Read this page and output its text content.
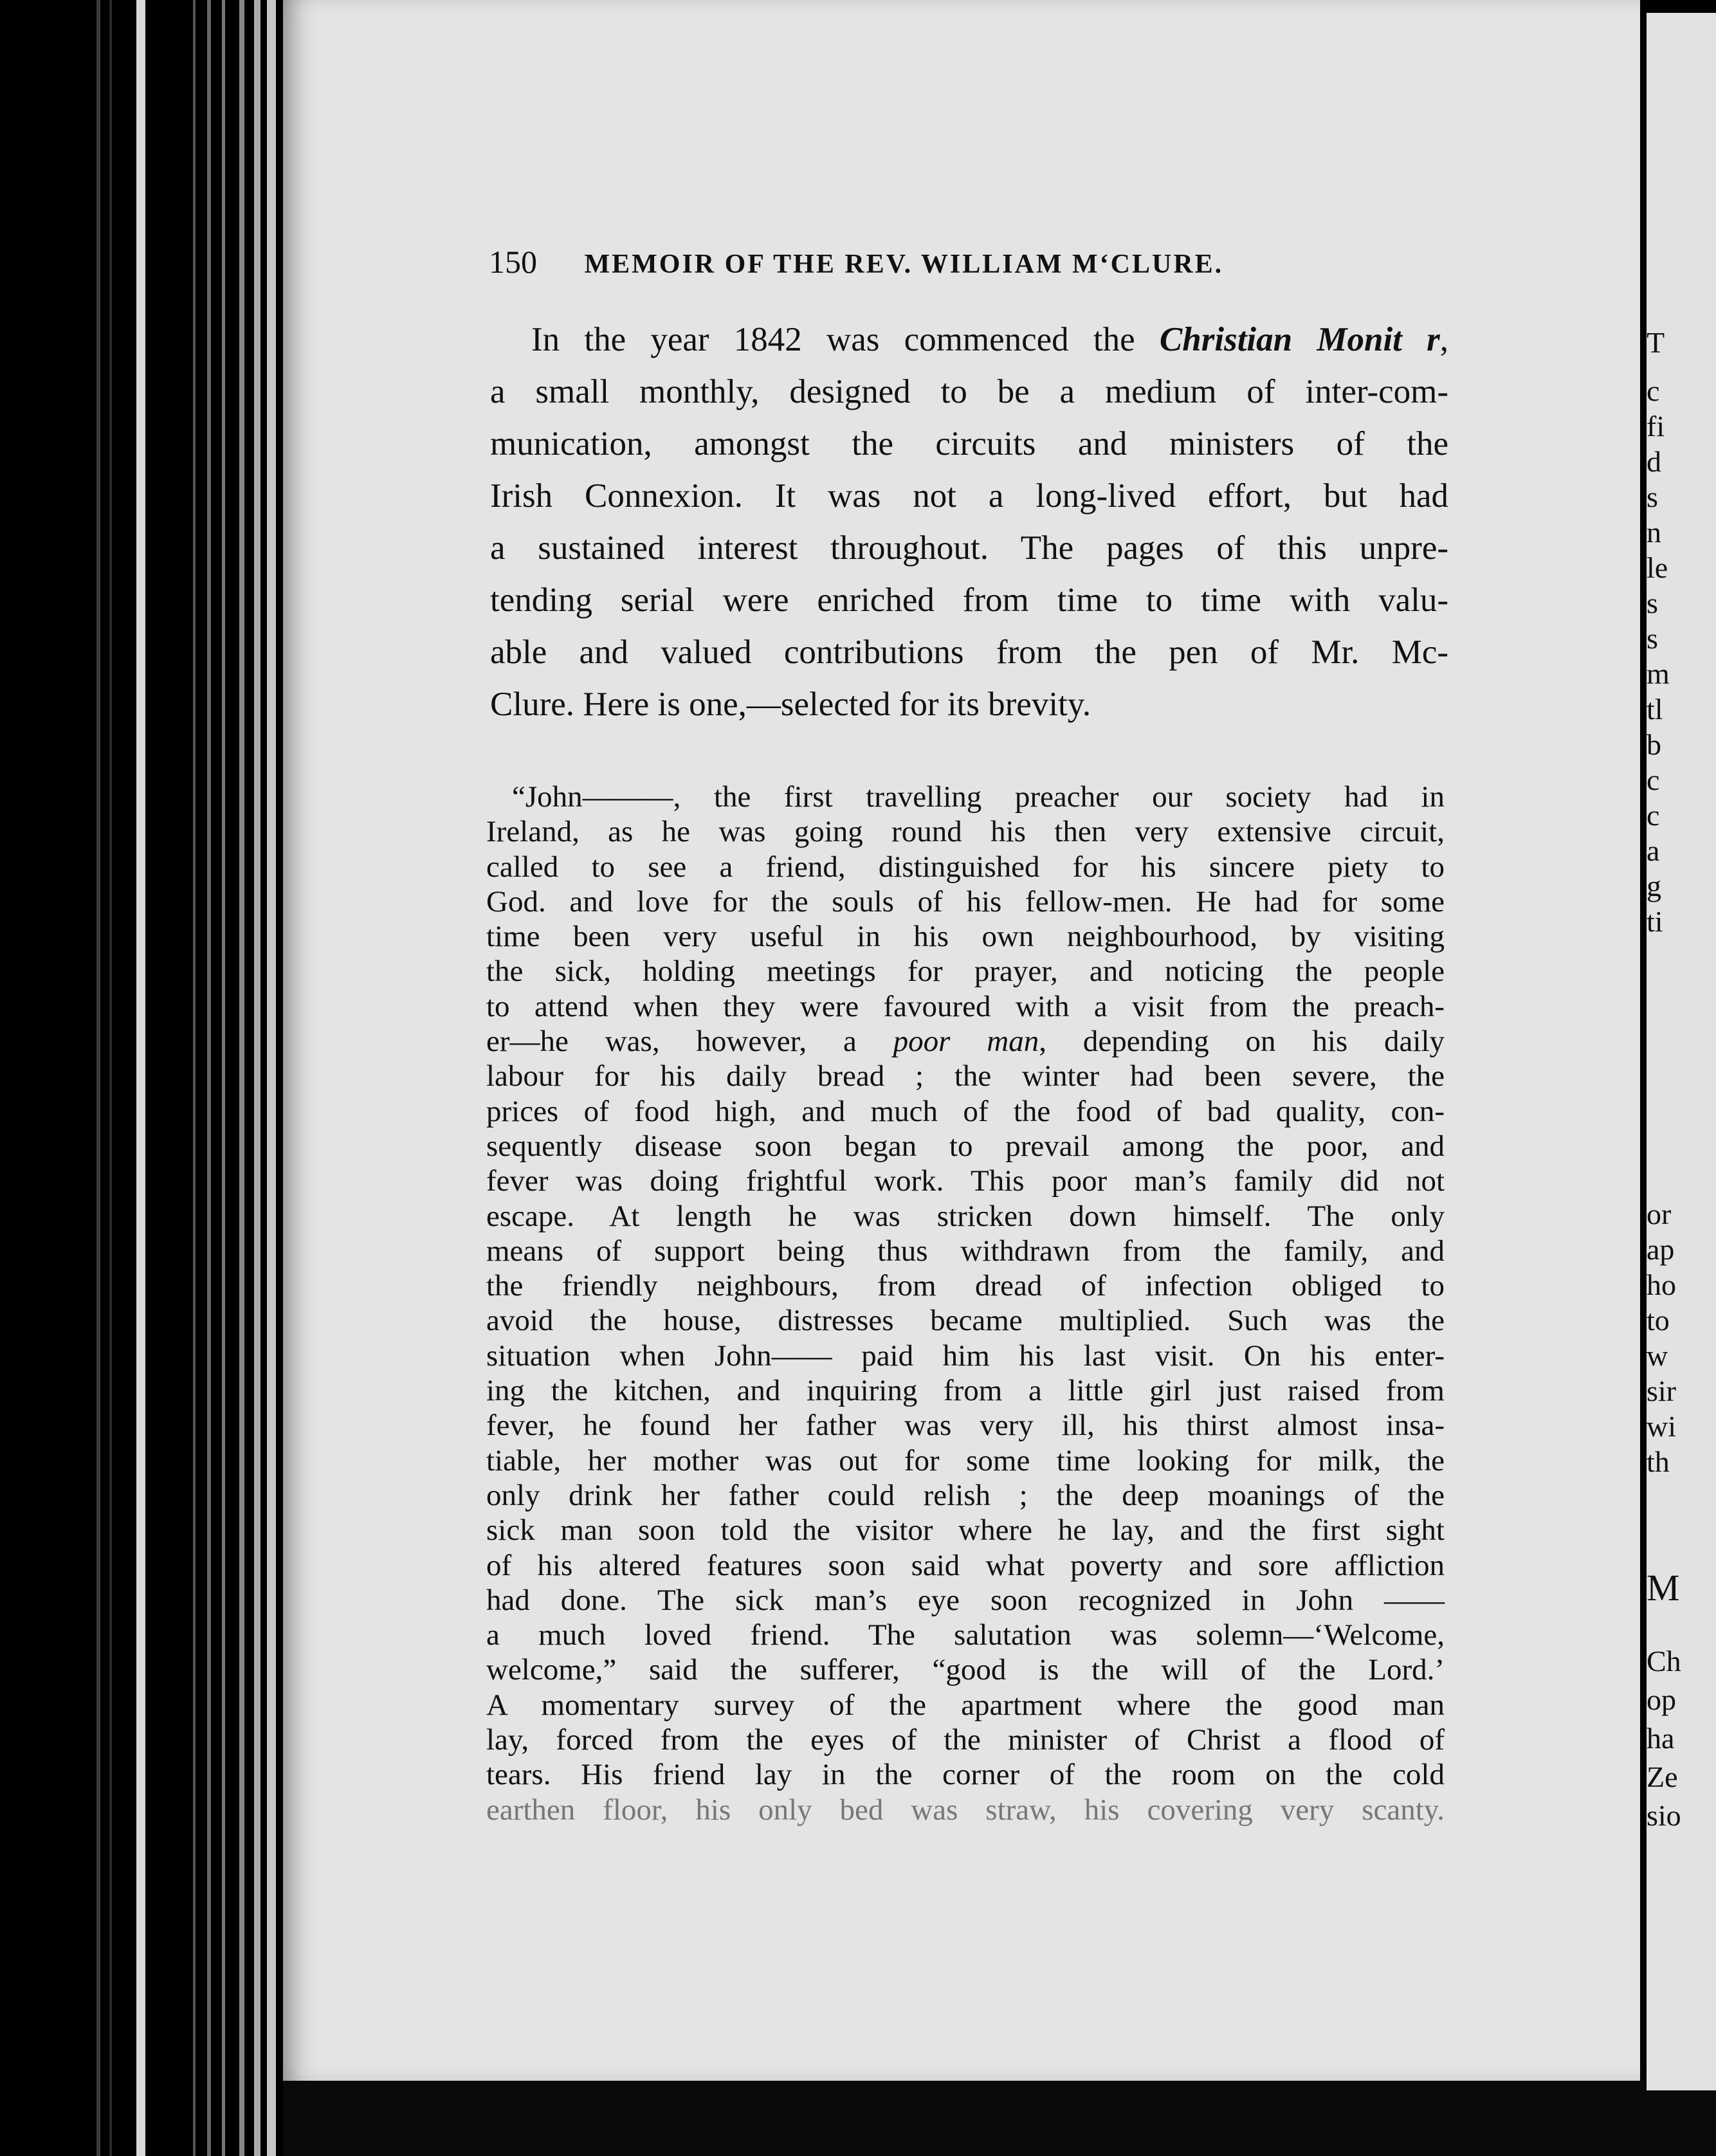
150 MEMOIR OF THE REV. WILLIAM M‘CLURE.
In the year 1842 was commenced the Christian Monit r,
a small monthly, designed to be a medium of inter-com-
munication, amongst the circuits and ministers of the
Irish Connexion. It was not a long-lived effort, but had
a sustained interest throughout. The pages of this unpre-
tending serial were enriched from time to time with valu-
able and valued contributions from the pen of Mr. Mc-
Clure. Here is one,—selected for its brevity.
“John———, the first travelling preacher our society had in
Ireland, as he was going round his then very extensive circuit,
called to see a friend, distinguished for his sincere piety to
God. and love for the souls of his fellow-men. He had for some
time been very useful in his own neighbourhood, by visiting
the sick, holding meetings for prayer, and noticing the people
to attend when they were favoured with a visit from the preach-
er—he was, however, a poor man, depending on his daily
labour for his daily bread ; the winter had been severe, the
prices of food high, and much of the food of bad quality, con-
sequently disease soon began to prevail among the poor, and
fever was doing frightful work. This poor man’s family did not
escape. At length he was stricken down himself. The only
means of support being thus withdrawn from the family, and
the friendly neighbours, from dread of infection obliged to
avoid the house, distresses became multiplied. Such was the
situation when John—— paid him his last visit. On his enter-
ing the kitchen, and inquiring from a little girl just raised from
fever, he found her father was very ill, his thirst almost insa-
tiable, her mother was out for some time looking for milk, the
only drink her father could relish ; the deep moanings of the
sick man soon told the visitor where he lay, and the first sight
of his altered features soon said what poverty and sore affliction
had done. The sick man’s eye soon recognized in John ——
a much loved friend. The salutation was solemn—‘Welcome,
welcome,” said the sufferer, “good is the will of the Lord.’
A momentary survey of the apartment where the good man
lay, forced from the eyes of the minister of Christ a flood of
tears. His friend lay in the corner of the room on the cold
earthen floor, his only bed was straw, his covering very scanty.
T
c
fi
d
s
n
le
s
s
m
tl
b
c
c
a
g
ti
or
ap
ho
to
w
sir
wi
th
M
Ch
op
ha
Ze
sio
